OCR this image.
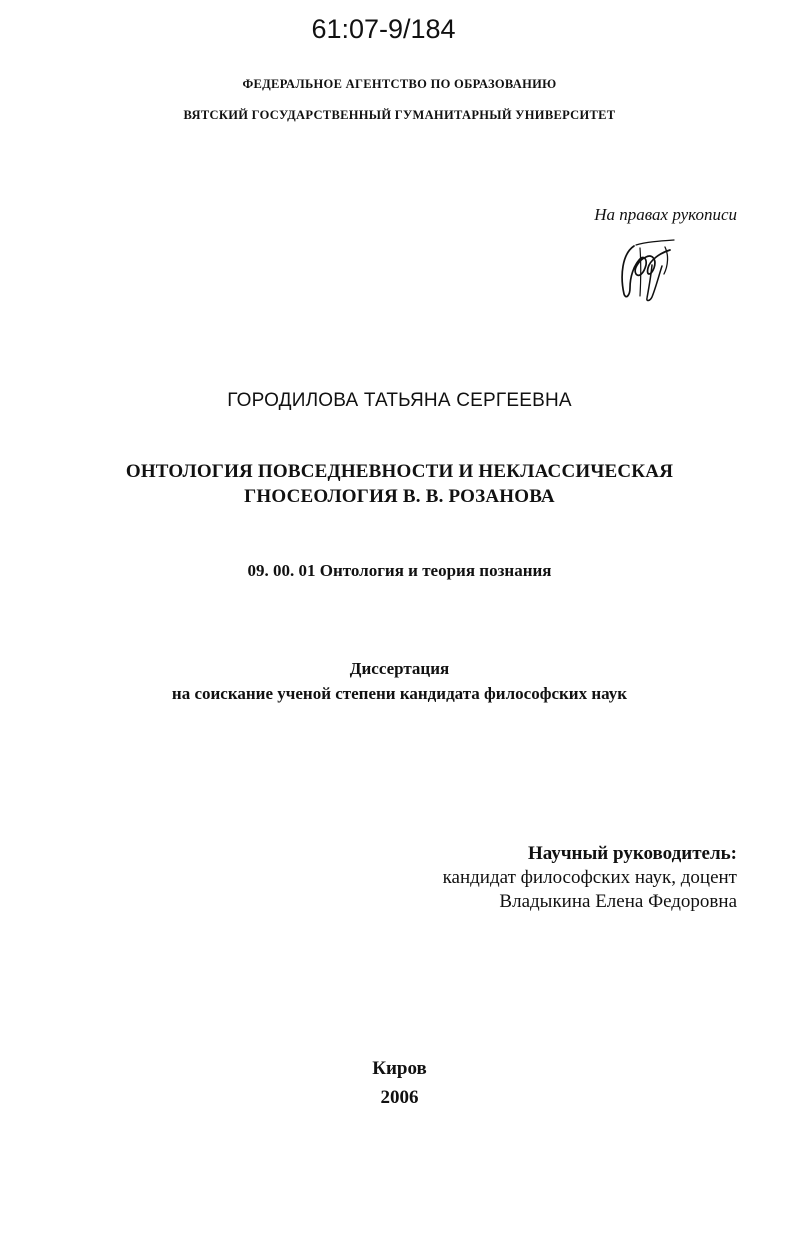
61:07-9/184
ФЕДЕРАЛЬНОЕ АГЕНТСТВО ПО ОБРАЗОВАНИЮ
ВЯТСКИЙ ГОСУДАРСТВЕННЫЙ ГУМАНИТАРНЫЙ УНИВЕРСИТЕТ
На правах рукописи
ГОРОДИЛОВА ТАТЬЯНА СЕРГЕЕВНА
ОНТОЛОГИЯ ПОВСЕДНЕВНОСТИ И НЕКЛАССИЧЕСКАЯ
ГНОСЕОЛОГИЯ В. В. РОЗАНОВА
09. 00. 01 Онтология и теория познания
Диссертация
на соискание ученой степени кандидата философских наук
Научный руководитель:
кандидат философских наук, доцент
Владыкина Елена Федоровна
Киров
2006
